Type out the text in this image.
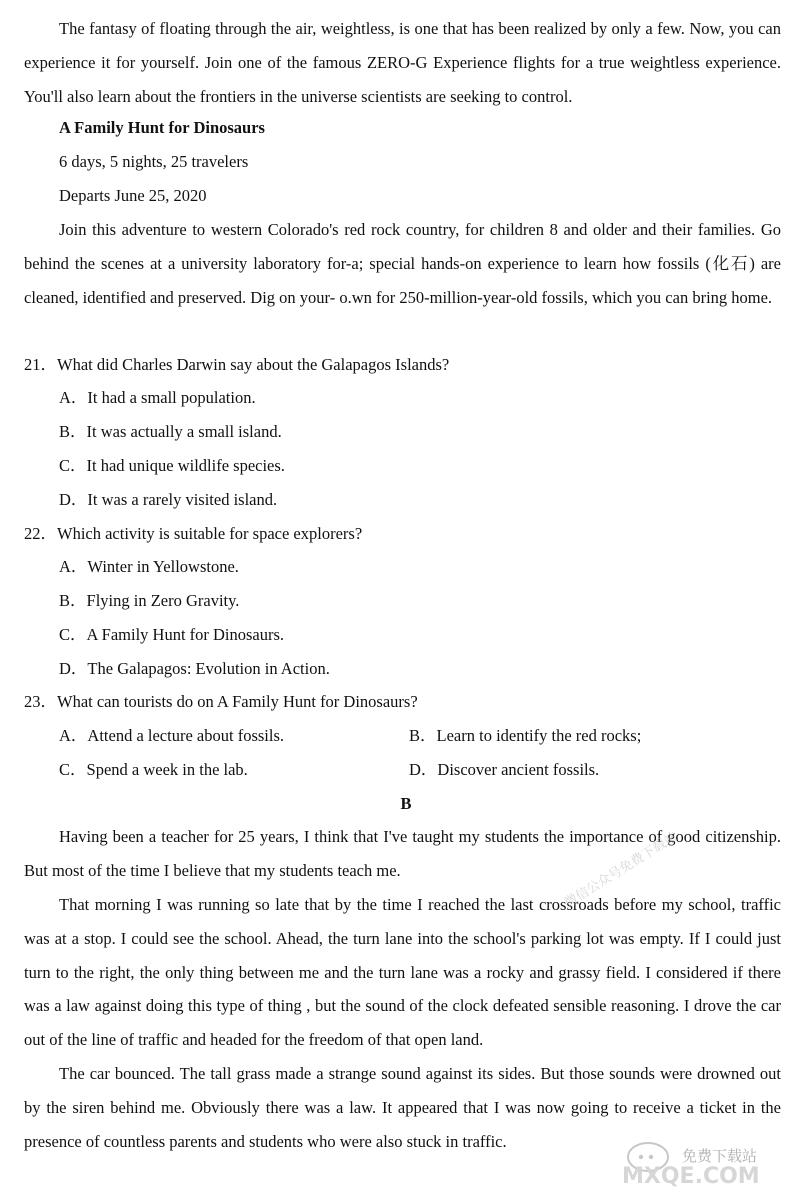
The fantasy of floating through the air, weightless, is one that has been realized by only a few. Now, you can experience it for yourself. Join one of the famous ZERO-G Experience flights for a true weightless experience. You'll also learn about the frontiers in the universe scientists are seeking to control.

A Family Hunt for Dinosaurs

6 days, 5 nights, 25 travelers

Departs June 25, 2020

Join this adventure to western Colorado's red rock country, for children 8 and older and their families. Go behind the scenes at a university laboratory for-a; special hands-on experience to learn how fossils (化石) are cleaned, identified and preserved. Dig on your- o.wn for 250-million-year-old fossils, which you can bring home.

21．What did Charles Darwin say about the Galapagos Islands?
A．It had a small population.
B．It was actually a small island.
C．It had unique wildlife species.
D．It was a rarely visited island.
22．Which activity is suitable for space explorers?
A．Winter in Yellowstone.
B．Flying in Zero Gravity.
C．A Family Hunt for Dinosaurs.
D．The Galapagos: Evolution in Action.
23．What can tourists do on A Family Hunt for Dinosaurs?
A．Attend a lecture about fossils.	B．Learn to identify the red rocks;
C．Spend a week in the lab.	D．Discover ancient fossils.
B

Having been a teacher for 25 years, I think that I've taught my students the importance of good citizenship. But most of the time I believe that my students teach me.

That morning I was running so late that by the time I reached the last crossroads before my school, traffic was at a stop. I could see the school. Ahead, the turn lane into the school's parking lot was empty. If I could just turn to the right, the only thing between me and the turn lane was a rocky and grassy field. I considered if there was a law against doing this type of thing , but the sound of the clock defeated sensible reasoning. I drove the car out of the line of traffic and headed for the freedom of that open land.

The car bounced. The tall grass made a strange sound against its sides. But those sounds were drowned out by the siren behind me. Obviously there was a law. It appeared that I was now going to receive a ticket in the presence of countless parents and students who were also stuck in traffic.

微信公众号免费下载站
免费下载站
MXQE.COM
